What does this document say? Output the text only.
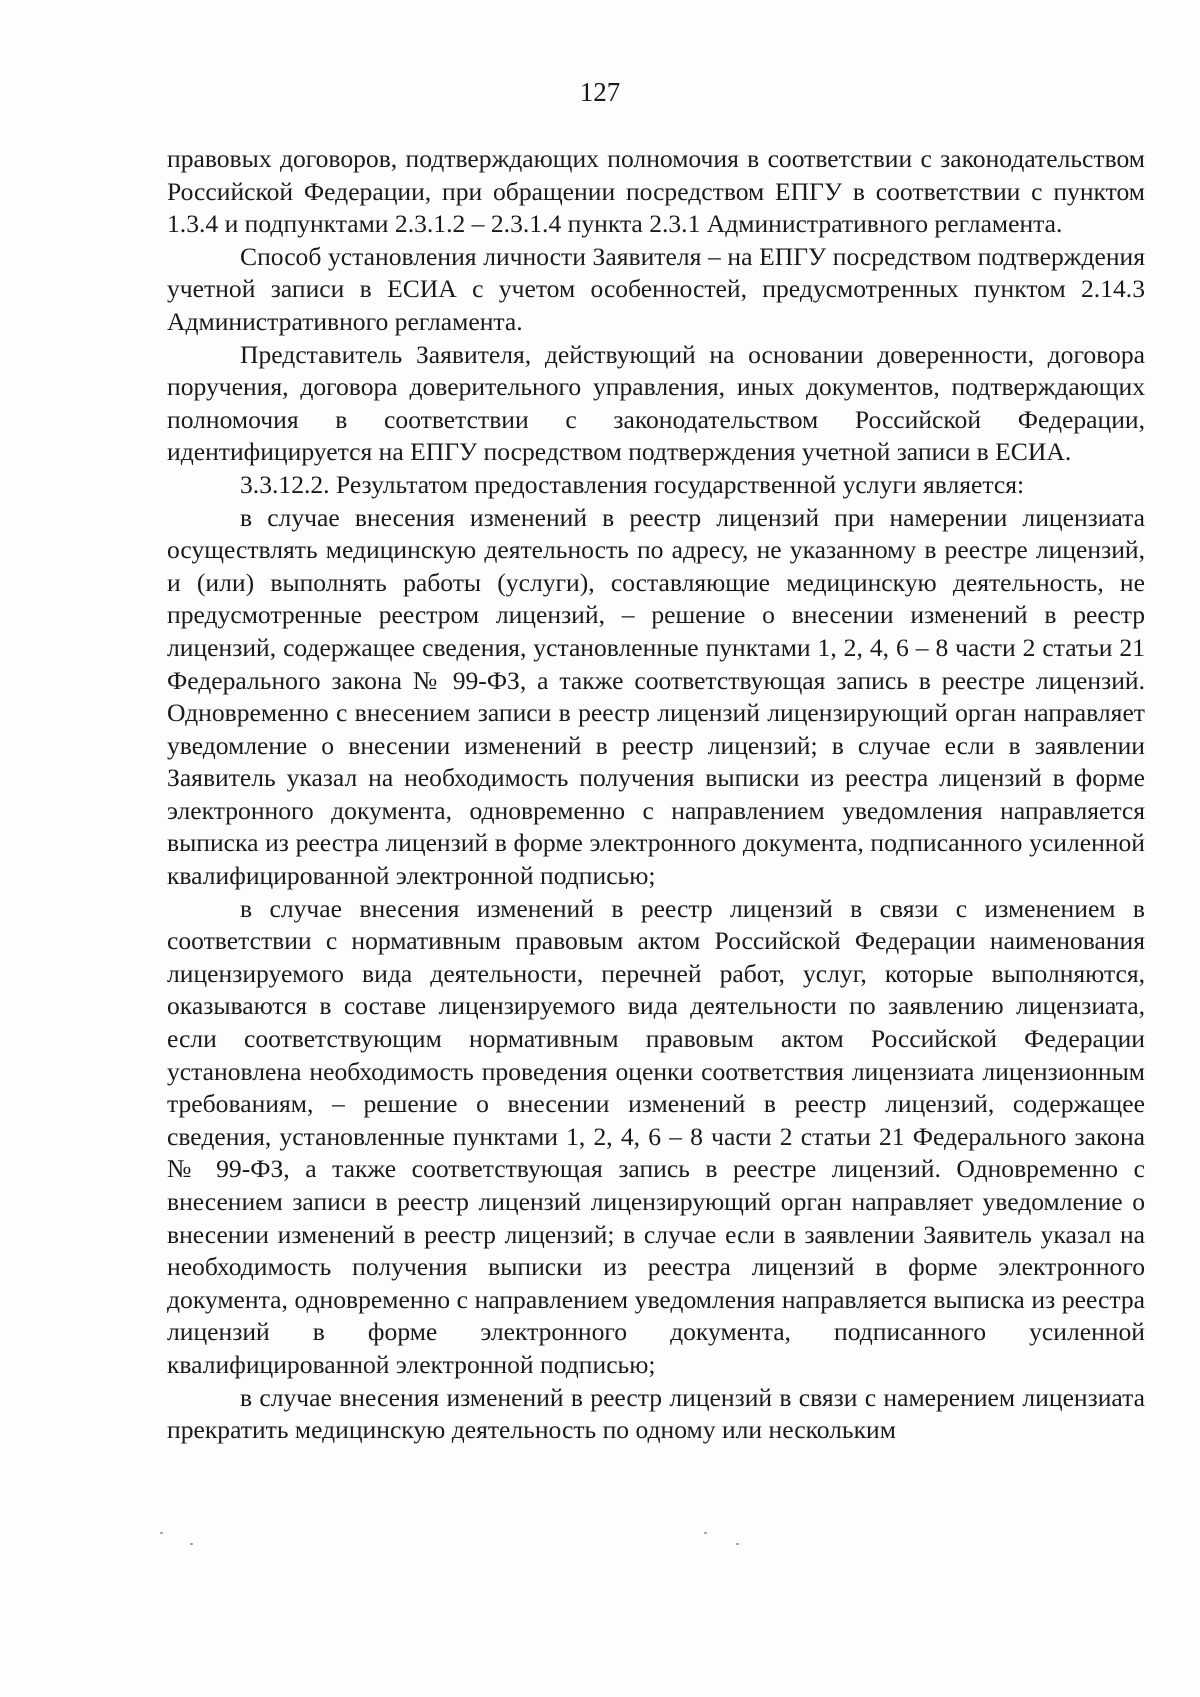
127

правовых договоров, подтверждающих полномочия в соответствии с законодательством Российской Федерации, при обращении посредством ЕПГУ в соответствии с пунктом 1.3.4 и подпунктами 2.3.1.2 – 2.3.1.4 пункта 2.3.1 Административного регламента.

Способ установления личности Заявителя – на ЕПГУ посредством подтверждения учетной записи в ЕСИА с учетом особенностей, предусмотренных пунктом 2.14.3 Административного регламента.

Представитель Заявителя, действующий на основании доверенности, договора поручения, договора доверительного управления, иных документов, подтверждающих полномочия в соответствии с законодательством Российской Федерации, идентифицируется на ЕПГУ посредством подтверждения учетной записи в ЕСИА.

3.3.12.2. Результатом предоставления государственной услуги является:

в случае внесения изменений в реестр лицензий при намерении лицензиата осуществлять медицинскую деятельность по адресу, не указанному в реестре лицензий, и (или) выполнять работы (услуги), составляющие медицинскую деятельность, не предусмотренные реестром лицензий, – решение о внесении изменений в реестр лицензий, содержащее сведения, установленные пунктами 1, 2, 4, 6 – 8 части 2 статьи 21 Федерального закона № 99-ФЗ, а также соответствующая запись в реестре лицензий. Одновременно с внесением записи в реестр лицензий лицензирующий орган направляет уведомление о внесении изменений в реестр лицензий; в случае если в заявлении Заявитель указал на необходимость получения выписки из реестра лицензий в форме электронного документа, одновременно с направлением уведомления направляется выписка из реестра лицензий в форме электронного документа, подписанного усиленной квалифицированной электронной подписью;

в случае внесения изменений в реестр лицензий в связи с изменением в соответствии с нормативным правовым актом Российской Федерации наименования лицензируемого вида деятельности, перечней работ, услуг, которые выполняются, оказываются в составе лицензируемого вида деятельности по заявлению лицензиата, если соответствующим нормативным правовым актом Российской Федерации установлена необходимость проведения оценки соответствия лицензиата лицензионным требованиям, – решение о внесении изменений в реестр лицензий, содержащее сведения, установленные пунктами 1, 2, 4, 6 – 8 части 2 статьи 21 Федерального закона № 99-ФЗ, а также соответствующая запись в реестре лицензий. Одновременно с внесением записи в реестр лицензий лицензирующий орган направляет уведомление о внесении изменений в реестр лицензий; в случае если в заявлении Заявитель указал на необходимость получения выписки из реестра лицензий в форме электронного документа, одновременно с направлением уведомления направляется выписка из реестра лицензий в форме электронного документа, подписанного усиленной квалифицированной электронной подписью;

в случае внесения изменений в реестр лицензий в связи с намерением лицензиата прекратить медицинскую деятельность по одному или нескольким
